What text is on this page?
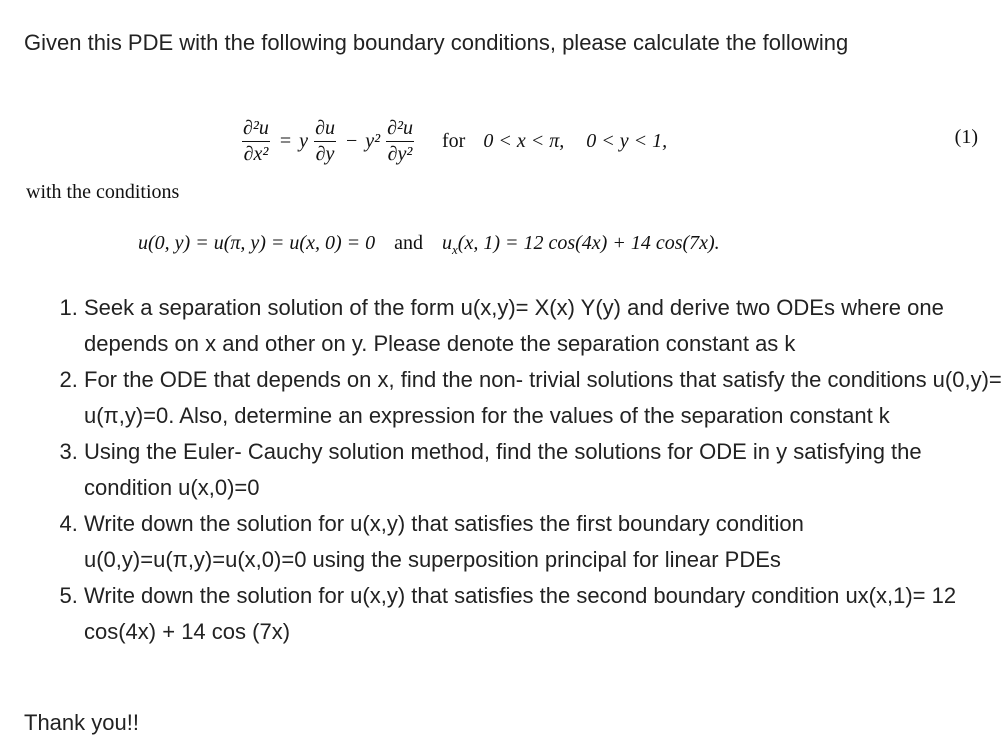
Given this PDE with the following boundary conditions, please calculate the following
$\frac{\text{∂²u}}{\text{∂x²}} = y \frac{\partial u}{\partial y} - y^2 \frac{\text{∂²u}}{\text{∂y²}}$ for 0 < x < π, 0 < y < 1,	(1)
with the conditions
u(0, y) = u(π, y) = u(x, 0) = 0 and $u_x(x$, 1) = 12 cos(4x) + 14 cos(7x).
1. Seek a separation solution of the form u(x,y)= X(x) Y(y) and derive two ODEs where one depends on x and other on y. Please denote the separation constant as k
2. For the ODE that depends on x, find the non- trivial solutions that satisfy the conditions u(0,y)= u(π,y)=0. Also, determine an expression for the values of the separation constant k
3. Using the Euler- Cauchy solution method, find the solutions for ODE in y satisfying the condition u(x,0)=0
4. Write down the solution for u(x,y) that satisfies the first boundary condition u(0,y)=u(π,y)=u(x,0)=0 using the superposition principal for linear PDEs
5. Write down the solution for u(x,y) that satisfies the second boundary condition ux(x,1)= 12 cos(4x) + 14 cos (7x)
Thank you!!
